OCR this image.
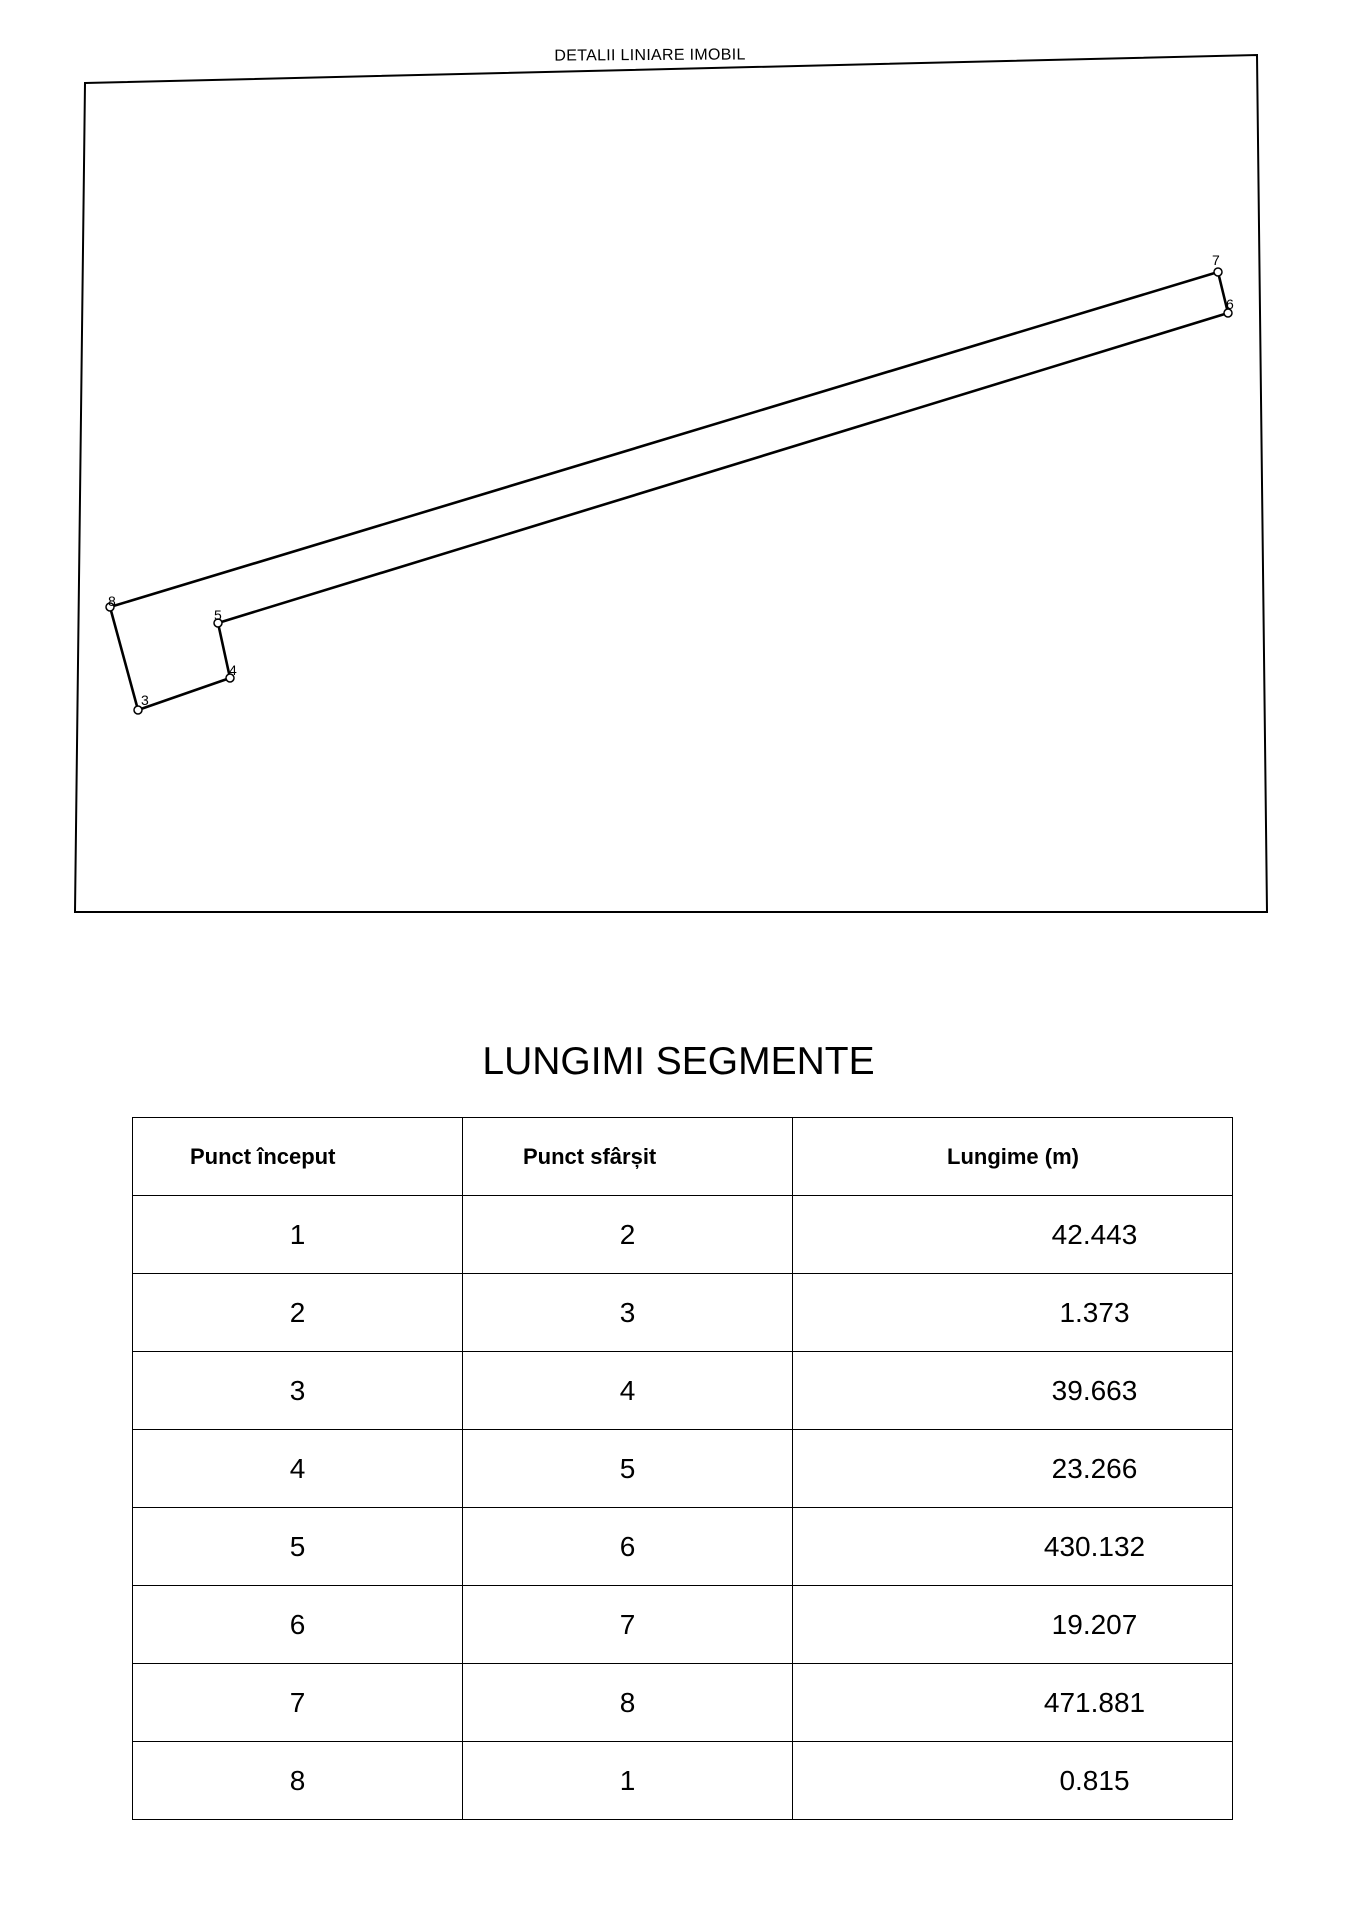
8
5
4
3
7
6
DETALII LINIARE IMOBIL
LUNGIMI SEGMENTE
Punct început	Punct sfârșit	Lungime (m)
1	2	42.443
2	3	1.373
3	4	39.663
4	5	23.266
5	6	430.132
6	7	19.207
7	8	471.881
8	1	0.815
